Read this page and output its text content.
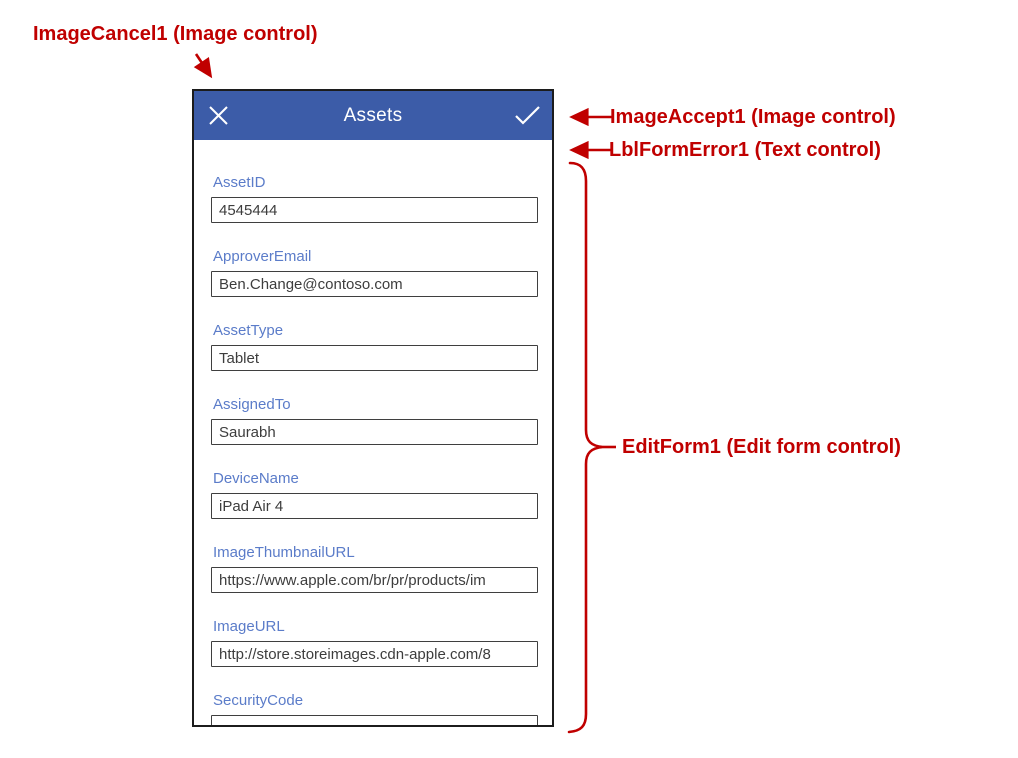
ImageCancel1 (Image control)
ImageAccept1 (Image control)
LblFormError1 (Text control)
EditForm1 (Edit form control)
Assets
AssetID
4545444
ApproverEmail
Ben.Change@contoso.com
AssetType
Tablet
AssignedTo
Saurabh
DeviceName
iPad Air 4
ImageThumbnailURL
https://www.apple.com/br/pr/products/im
ImageURL
http://store.storeimages.cdn-apple.com/8
SecurityCode
